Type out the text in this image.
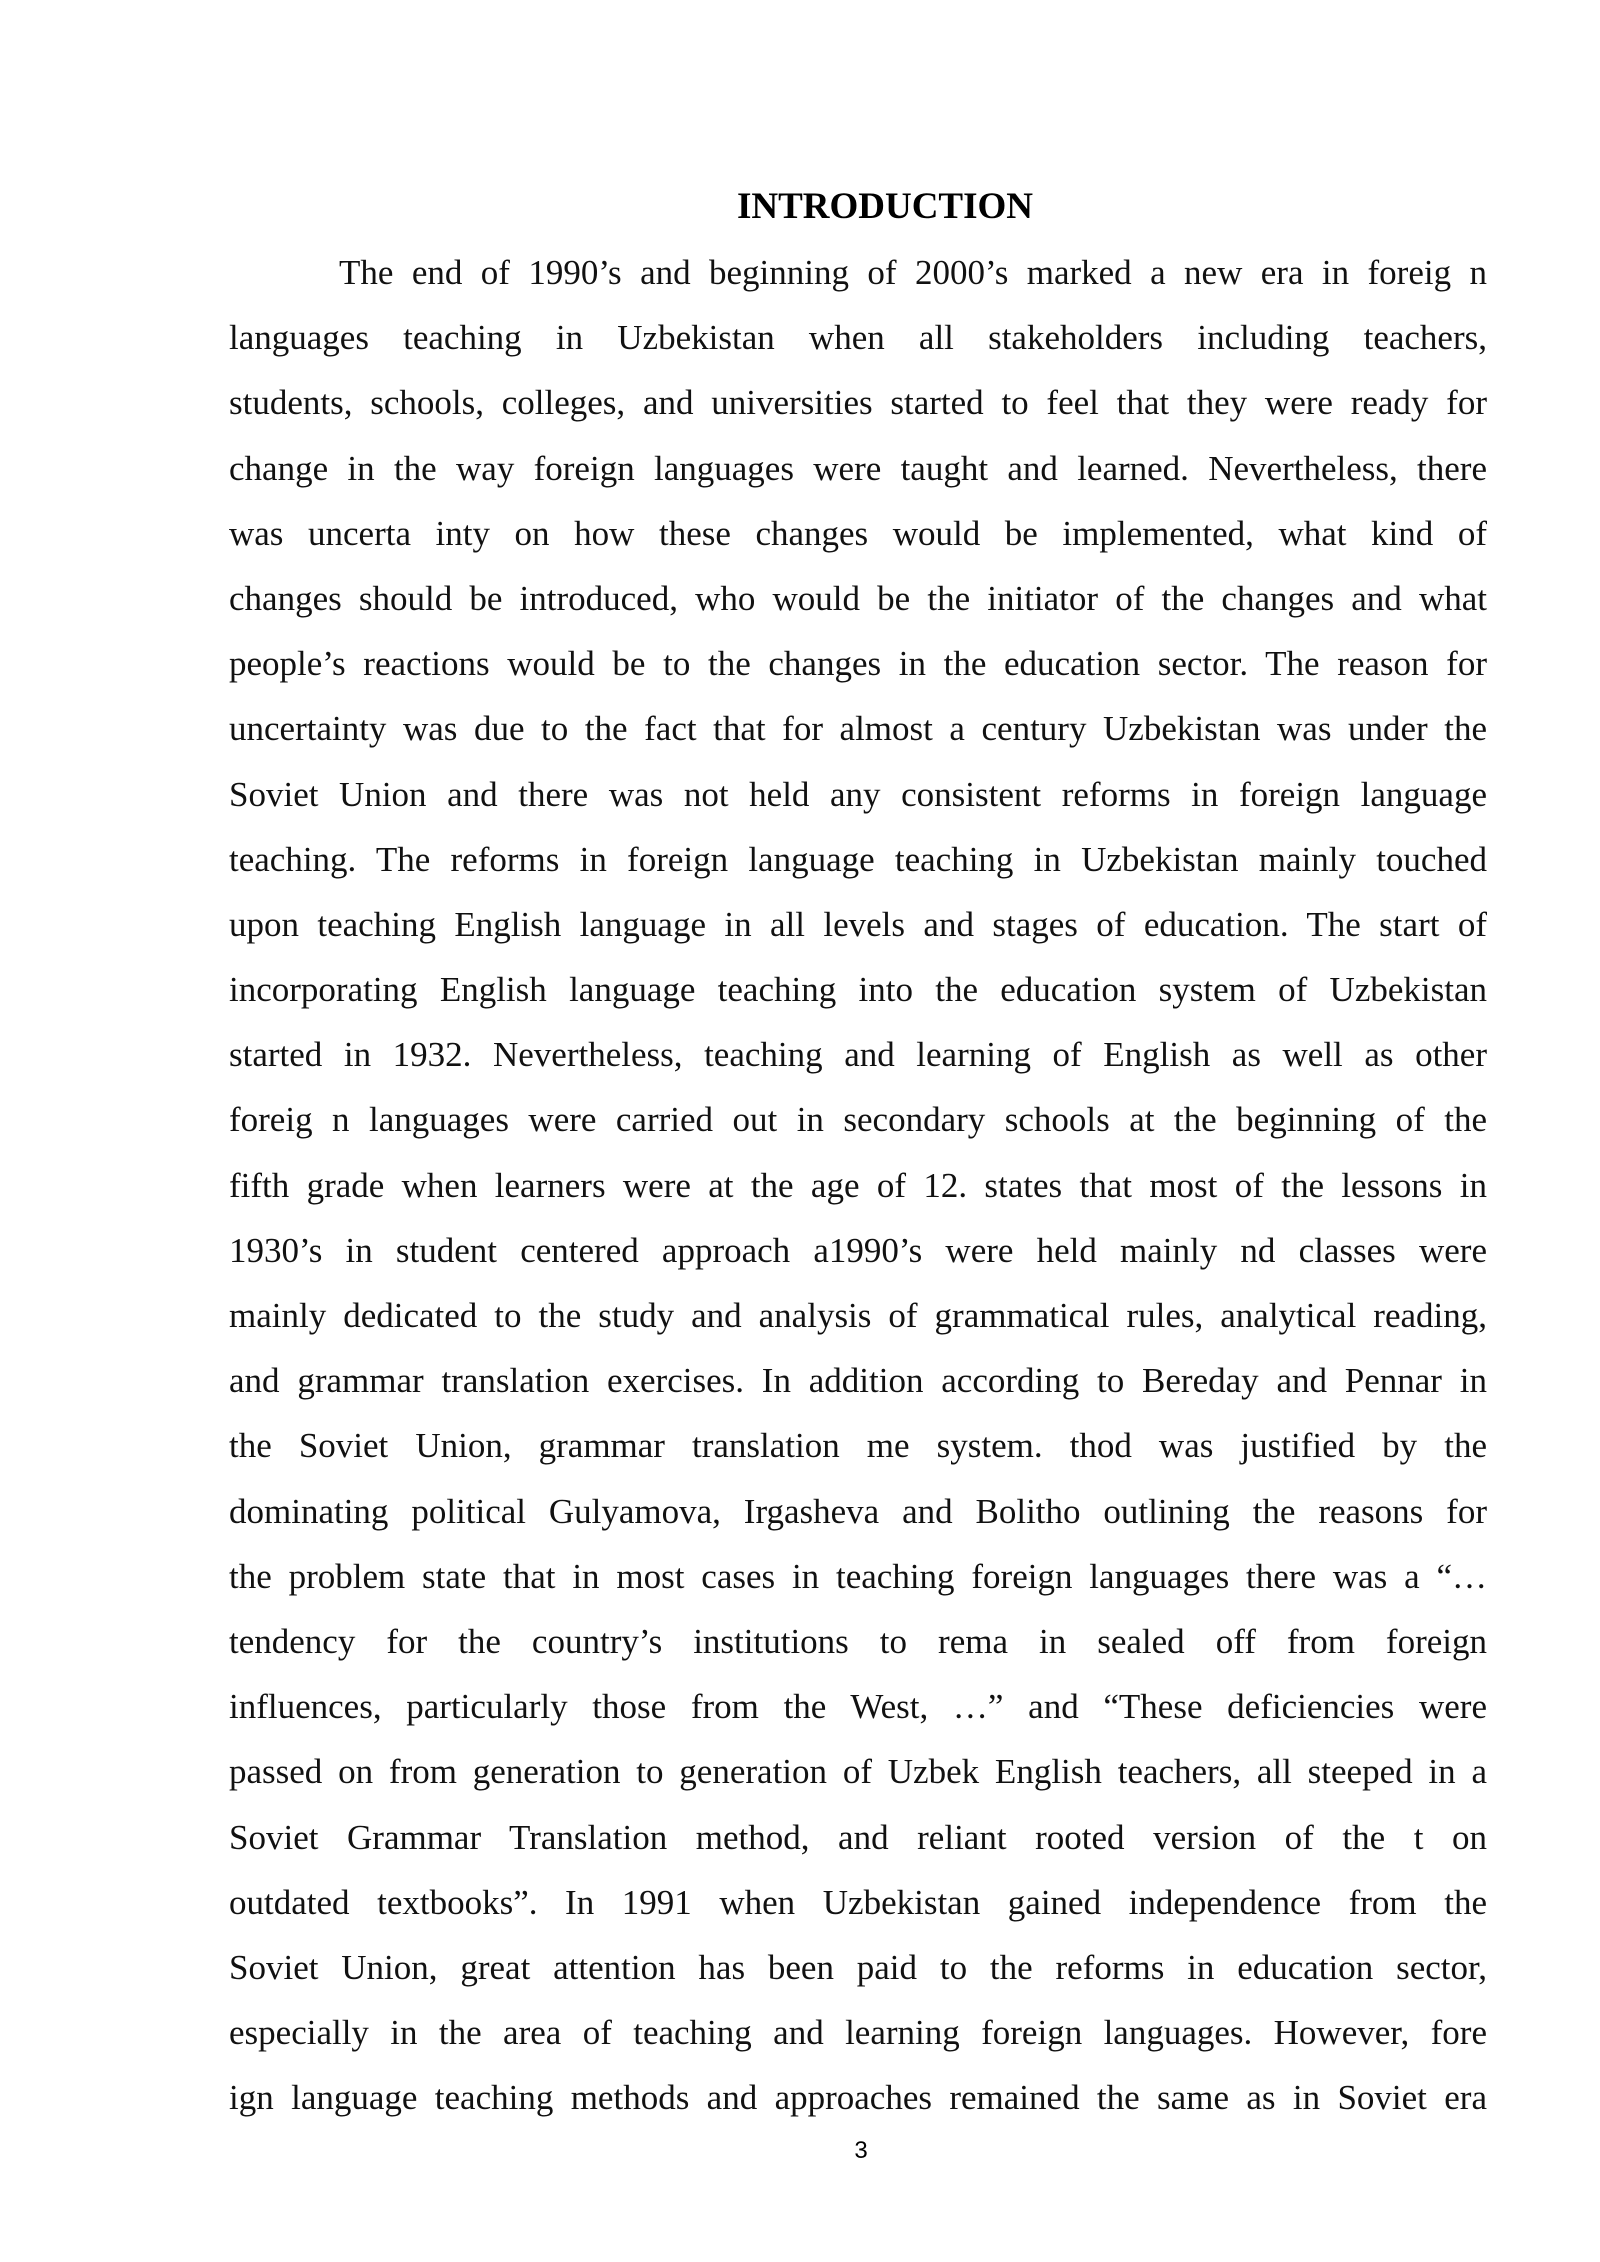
INTRODUCTION
The end of 1990’s and beginning of 2000’s marked a new era in foreig n
languages teaching in Uzbekistan when all stakeholders including teachers,
students, schools, colleges, and universities started to feel that they were ready for
change in the way foreign languages were taught and learned. Nevertheless, there
was uncerta inty on how these changes would be implemented, what kind of
changes should be introduced, who would be the initiator of the changes and what
people’s reactions would be to the changes in the education sector. The reason for
uncertainty was due to the fact that for almost a century Uzbekistan was under the
Soviet Union and there was not held any consistent reforms in foreign language
teaching. The reforms in foreign language teaching in Uzbekistan mainly touched
upon teaching English language in all levels and stages of education. The start of
incorporating English language teaching into the education system of Uzbekistan
started in 1932. Nevertheless, teaching and learning of English as well as other
foreig n languages were carried out in secondary schools at the beginning of the
fifth grade when learners were at the age of 12. states that most of the lessons in
1930’s in student centered approach a1990’s were held mainly nd classes were
mainly dedicated to the study and analysis of grammatical rules, analytical reading,
and grammar translation exercises. In addition according to Bereday and Pennar in
the Soviet Union, grammar translation me system. thod was justified by the
dominating political Gulyamova, Irgasheva and Bolitho outlining the reasons for
the problem state that in most cases in teaching foreign languages there was a “…
tendency for the country’s institutions to rema in sealed off from foreign
influences, particularly those from the West, …” and “These deficiencies were
passed on from generation to generation of Uzbek English teachers, all steeped in a
Soviet Grammar Translation method, and reliant rooted version of the t on
outdated textbooks”. In 1991 when Uzbekistan gained independence from the
Soviet Union, great attention has been paid to the reforms in education sector,
especially in the area of teaching and learning foreign languages. However, fore
ign language teaching methods and approaches remained the same as in Soviet era
3
